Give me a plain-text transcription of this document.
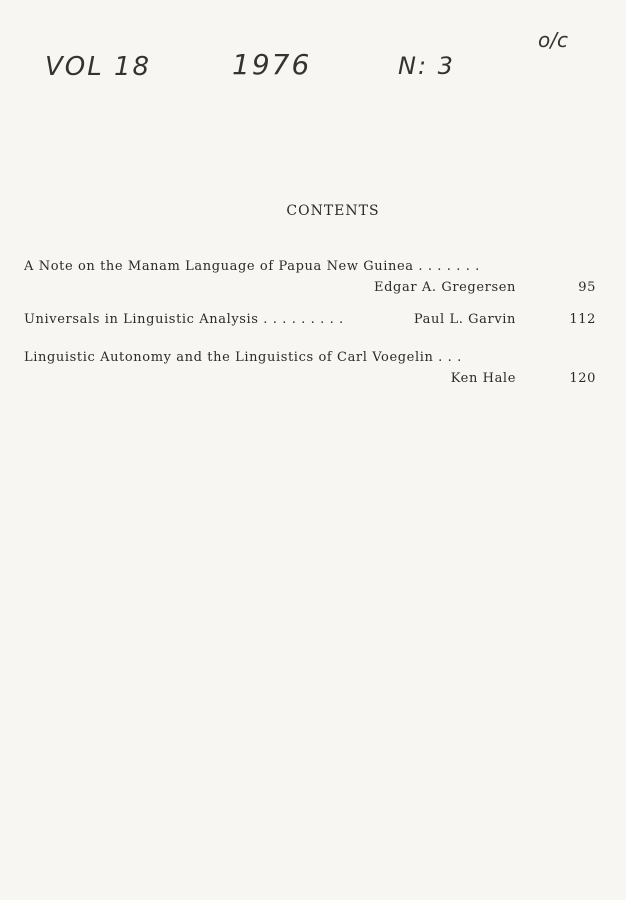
VOL 18	1976	N: 3
o/c
CONTENTS
A Note on the Manam Language of Papua New Guinea . . . . . . .
Edgar A. Gregersen	95
Universals in Linguistic Analysis . . . . . . . . .	Paul L. Garvin	112
Linguistic Autonomy and the Linguistics of Carl Voegelin . . .
Ken Hale	120
